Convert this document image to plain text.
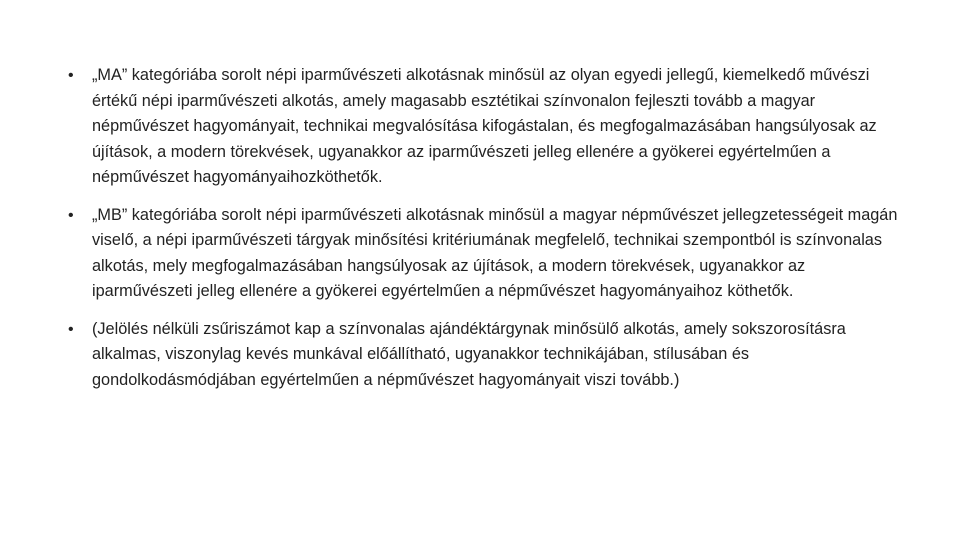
• „MA” kategóriába sorolt népi iparművészeti alkotásnak minősül az olyan egyedi jellegű, kiemelkedő művészi értékű népi iparművészeti alkotás, amely magasabb esztétikai színvonalon fejleszti tovább a magyar népművészet hagyományait, technikai megvalósítása kifogástalan, és megfogalmazásában hangsúlyosak az újítások, a modern törekvések, ugyanakkor az iparművészeti jelleg ellenére a gyökerei egyértelműen a népművészet hagyományaihozköthetők.
• „MB” kategóriába sorolt népi iparművészeti alkotásnak minősül a magyar népművészet jellegzetességeit magán viselő, a népi iparművészeti tárgyak minősítési kritériumának megfelelő, technikai szempontból is színvonalas alkotás, mely megfogalmazásában hangsúlyosak az újítások, a modern törekvések, ugyanakkor az iparművészeti jelleg ellenére a gyökerei egyértelműen a népművészet hagyományaihoz köthetők.
• (Jelölés nélküli zsűriszámot kap a színvonalas ajándéktárgynak minősülő alkotás, amely sokszorosításra alkalmas, viszonylag kevés munkával előállítható, ugyanakkor technikájában, stílusában és gondolkodásmódjában egyértelműen a népművészet hagyományait viszi tovább.)
